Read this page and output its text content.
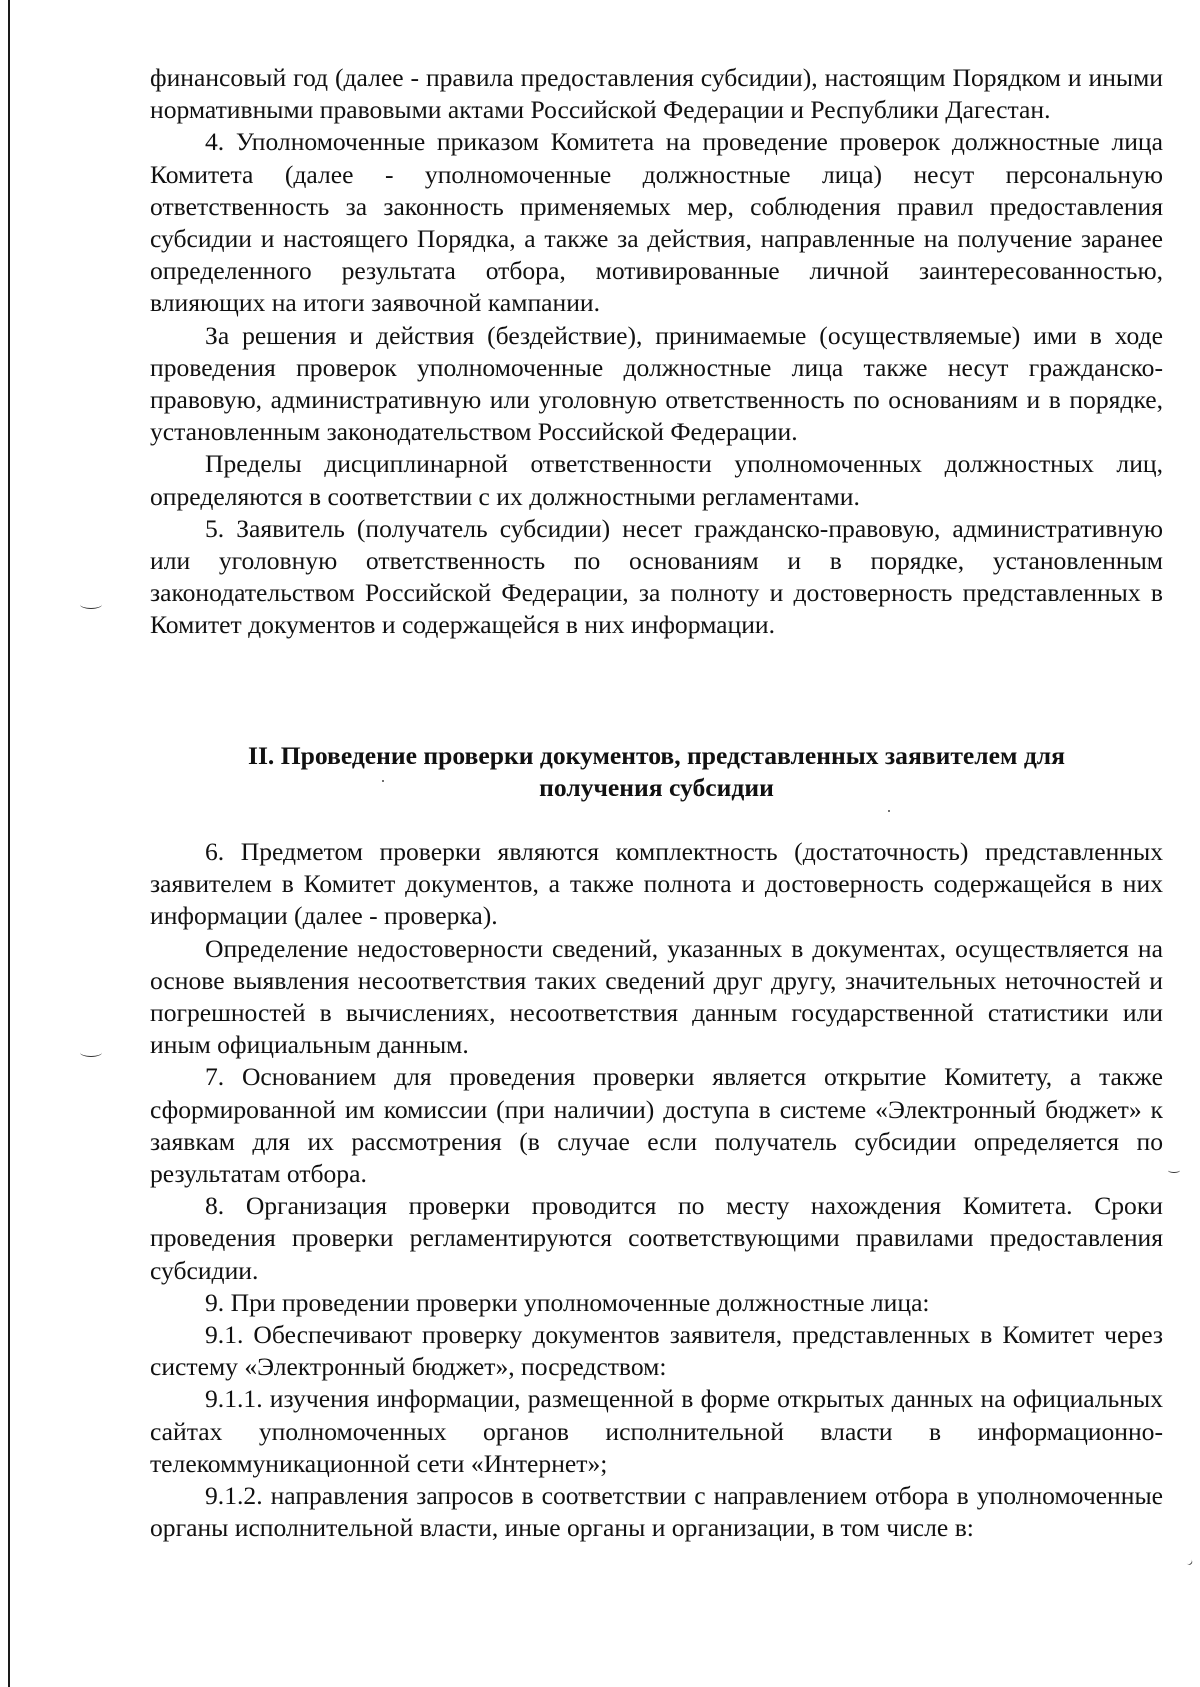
финансовый год (далее - правила предоставления субсидии), настоящим Порядком и иными нормативными правовыми актами Российской Федерации и Республики Дагестан.

4. Уполномоченные приказом Комитета на проведение проверок должностные лица Комитета (далее - уполномоченные должностные лица) несут персональную ответственность за законность применяемых мер, соблюдения правил предоставления субсидии и настоящего Порядка, а также за действия, направленные на получение заранее определенного результата отбора, мотивированные личной заинтересованностью, влияющих на итоги заявочной кампании.

За решения и действия (бездействие), принимаемые (осуществляемые) ими в ходе проведения проверок уполномоченные должностные лица также несут гражданско-правовую, административную или уголовную ответственность по основаниям и в порядке, установленным законодательством Российской Федерации.

Пределы дисциплинарной ответственности уполномоченных должностных лиц, определяются в соответствии с их должностными регламентами.

5. Заявитель (получатель субсидии) несет гражданско-правовую, административную или уголовную ответственность по основаниям и в порядке, установленным законодательством Российской Федерации, за полноту и достоверность представленных в Комитет документов и содержащейся в них информации.

II. Проведение проверки документов, представленных заявителем для
получения субсидии

6. Предметом проверки являются комплектность (достаточность) представленных заявителем в Комитет документов, а также полнота и достоверность содержащейся в них информации (далее - проверка).

Определение недостоверности сведений, указанных в документах, осуществляется на основе выявления несоответствия таких сведений друг другу, значительных неточностей и погрешностей в вычислениях, несоответствия данным государственной статистики или иным официальным данным.

7. Основанием для проведения проверки является открытие Комитету, а также сформированной им комиссии (при наличии) доступа в системе «Электронный бюджет» к заявкам для их рассмотрения (в случае если получатель субсидии определяется по результатам отбора.

8. Организация проверки проводится по месту нахождения Комитета. Сроки проведения проверки регламентируются соответствующими правилами предоставления субсидии.

9. При проведении проверки уполномоченные должностные лица:

9.1. Обеспечивают проверку документов заявителя, представленных в Комитет через систему «Электронный бюджет», посредством:

9.1.1. изучения информации, размещенной в форме открытых данных на официальных сайтах уполномоченных органов исполнительной власти в информационно-телекоммуникационной сети «Интернет»;

9.1.2. направления запросов в соответствии с направлением отбора в уполномоченные органы исполнительной власти, иные органы и организации, в том числе в:
